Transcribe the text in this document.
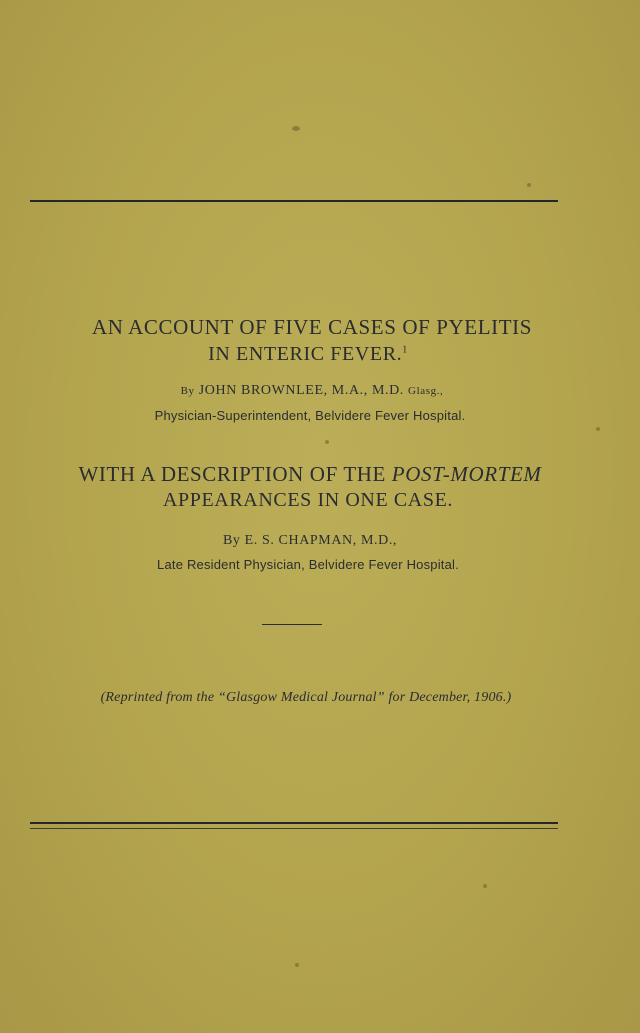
AN ACCOUNT OF FIVE CASES OF PYELITIS
IN ENTERIC FEVER.$^1$
By JOHN BROWNLEE, M.A., M.D. Glasg.,
Physician-Superintendent, Belvidere Fever Hospital.
WITH A DESCRIPTION OF THE POST-MORTEM
APPEARANCES IN ONE CASE.
By E. S. CHAPMAN, M.D.,
Late Resident Physician, Belvidere Fever Hospital.
(Reprinted from the “Glasgow Medical Journal” for December, 1906.)
